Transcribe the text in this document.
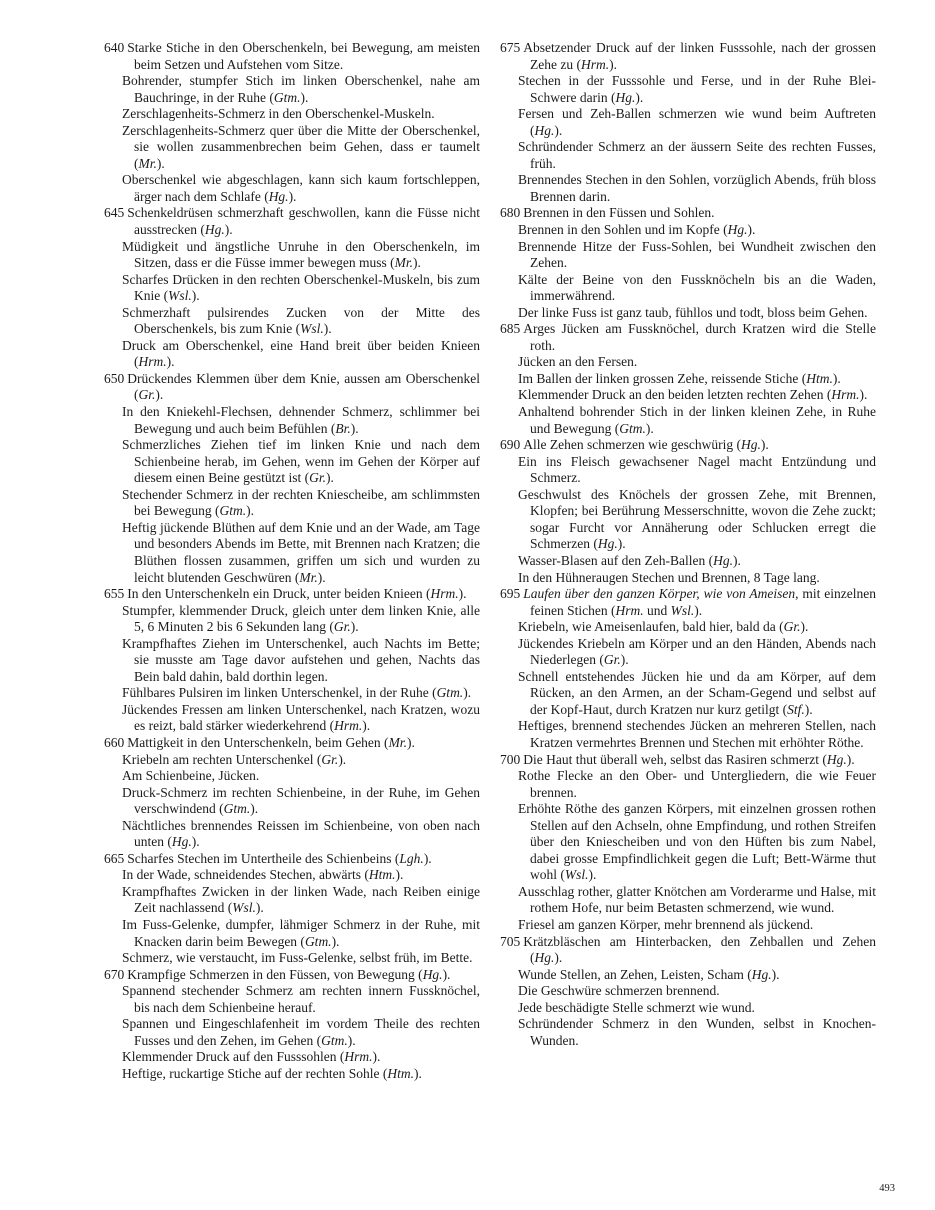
640 Starke Stiche in den Oberschenkeln, bei Bewegung, am meisten beim Setzen und Aufstehen vom Sitze.

Bohrender, stumpfer Stich im linken Oberschenkel, nahe am Bauchringe, in der Ruhe (Gtm.).

Zerschlagenheits-Schmerz in den Oberschenkel-Muskeln.

Zerschlagenheits-Schmerz quer über die Mitte der Oberschenkel, sie wollen zusammenbrechen beim Gehen, dass er taumelt (Mr.).

Oberschenkel wie abgeschlagen, kann sich kaum fortschleppen, ärger nach dem Schlafe (Hg.).

645 Schenkeldrüsen schmerzhaft geschwollen, kann die Füsse nicht ausstrecken (Hg.).

Müdigkeit und ängstliche Unruhe in den Oberschenkeln, im Sitzen, dass er die Füsse immer bewegen muss (Mr.).

Scharfes Drücken in den rechten Oberschenkel-Muskeln, bis zum Knie (Wsl.).

Schmerzhaft pulsirendes Zucken von der Mitte des Oberschenkels, bis zum Knie (Wsl.).

Druck am Oberschenkel, eine Hand breit über beiden Knieen (Hrm.).

650 Drückendes Klemmen über dem Knie, aussen am Oberschenkel (Gr.).

In den Kniekehl-Flechsen, dehnender Schmerz, schlimmer bei Bewegung und auch beim Befühlen (Br.).

Schmerzliches Ziehen tief im linken Knie und nach dem Schienbeine herab, im Gehen, wenn im Gehen der Körper auf diesem einen Beine gestützt ist (Gr.).

Stechender Schmerz in der rechten Kniescheibe, am schlimmsten bei Bewegung (Gtm.).

Heftig jückende Blüthen auf dem Knie und an der Wade, am Tage und besonders Abends im Bette, mit Brennen nach Kratzen; die Blüthen flossen zusammen, griffen um sich und wurden zu leicht blutenden Geschwüren (Mr.).

655 In den Unterschenkeln ein Druck, unter beiden Knieen (Hrm.).

Stumpfer, klemmender Druck, gleich unter dem linken Knie, alle 5, 6 Minuten 2 bis 6 Sekunden lang (Gr.).

Krampfhaftes Ziehen im Unterschenkel, auch Nachts im Bette; sie musste am Tage davor aufstehen und gehen, Nachts das Bein bald dahin, bald dorthin legen.

Fühlbares Pulsiren im linken Unterschenkel, in der Ruhe (Gtm.).

Jückendes Fressen am linken Unterschenkel, nach Kratzen, wozu es reizt, bald stärker wiederkehrend (Hrm.).

660 Mattigkeit in den Unterschenkeln, beim Gehen (Mr.).

Kriebeln am rechten Unterschenkel (Gr.).

Am Schienbeine, Jücken.

Druck-Schmerz im rechten Schienbeine, in der Ruhe, im Gehen verschwindend (Gtm.).

Nächtliches brennendes Reissen im Schienbeine, von oben nach unten (Hg.).

665 Scharfes Stechen im Untertheile des Schienbeins (Lgh.).

In der Wade, schneidendes Stechen, abwärts (Htm.).

Krampfhaftes Zwicken in der linken Wade, nach Reiben einige Zeit nachlassend (Wsl.).

Im Fuss-Gelenke, dumpfer, lähmiger Schmerz in der Ruhe, mit Knacken darin beim Bewegen (Gtm.).

Schmerz, wie verstaucht, im Fuss-Gelenke, selbst früh, im Bette.

670 Krampfige Schmerzen in den Füssen, von Bewegung (Hg.).

Spannend stechender Schmerz am rechten innern Fussknöchel, bis nach dem Schienbeine herauf.

Spannen und Eingeschlafenheit im vordem Theile des rechten Fusses und den Zehen, im Gehen (Gtm.).

Klemmender Druck auf den Fusssohlen (Hrm.).

Heftige, ruckartige Stiche auf der rechten Sohle (Htm.).

675 Absetzender Druck auf der linken Fusssohle, nach der grossen Zehe zu (Hrm.).

Stechen in der Fusssohle und Ferse, und in der Ruhe Blei-Schwere darin (Hg.).

Fersen und Zeh-Ballen schmerzen wie wund beim Auftreten (Hg.).

Schründender Schmerz an der äussern Seite des rechten Fusses, früh.

Brennendes Stechen in den Sohlen, vorzüglich Abends, früh bloss Brennen darin.

680 Brennen in den Füssen und Sohlen.

Brennen in den Sohlen und im Kopfe (Hg.).

Brennende Hitze der Fuss-Sohlen, bei Wundheit zwischen den Zehen.

Kälte der Beine von den Fussknöcheln bis an die Waden, immerwährend.

Der linke Fuss ist ganz taub, fühllos und todt, bloss beim Gehen.

685 Arges Jücken am Fussknöchel, durch Kratzen wird die Stelle roth.

Jücken an den Fersen.

Im Ballen der linken grossen Zehe, reissende Stiche (Htm.).

Klemmender Druck an den beiden letzten rechten Zehen (Hrm.).

Anhaltend bohrender Stich in der linken kleinen Zehe, in Ruhe und Bewegung (Gtm.).

690 Alle Zehen schmerzen wie geschwürig (Hg.).

Ein ins Fleisch gewachsener Nagel macht Entzündung und Schmerz.

Geschwulst des Knöchels der grossen Zehe, mit Brennen, Klopfen; bei Berührung Messerschnitte, wovon die Zehe zuckt; sogar Furcht vor Annäherung oder Schlucken erregt die Schmerzen (Hg.).

Wasser-Blasen auf den Zeh-Ballen (Hg.).

In den Hühneraugen Stechen und Brennen, 8 Tage lang.

695 Laufen über den ganzen Körper, wie von Ameisen, mit einzelnen feinen Stichen (Hrm. und Wsl.).

Kriebeln, wie Ameisenlaufen, bald hier, bald da (Gr.).

Jückendes Kriebeln am Körper und an den Händen, Abends nach Niederlegen (Gr.).

Schnell entstehendes Jücken hie und da am Körper, auf dem Rücken, an den Armen, an der Scham-Gegend und selbst auf der Kopf-Haut, durch Kratzen nur kurz getilgt (Stf.).

Heftiges, brennend stechendes Jücken an mehreren Stellen, nach Kratzen vermehrtes Brennen und Stechen mit erhöhter Röthe.

700 Die Haut thut überall weh, selbst das Rasiren schmerzt (Hg.).

Rothe Flecke an den Ober- und Untergliedern, die wie Feuer brennen.

Erhöhte Röthe des ganzen Körpers, mit einzelnen grossen rothen Stellen auf den Achseln, ohne Empfindung, und rothen Streifen über den Kniescheiben und von den Hüften bis zum Nabel, dabei grosse Empfindlichkeit gegen die Luft; Bett-Wärme thut wohl (Wsl.).

Ausschlag rother, glatter Knötchen am Vorderarme und Halse, mit rothem Hofe, nur beim Betasten schmerzend, wie wund.

Friesel am ganzen Körper, mehr brennend als jückend.

705 Krätzbläschen am Hinterbacken, den Zehballen und Zehen (Hg.).

Wunde Stellen, an Zehen, Leisten, Scham (Hg.).

Die Geschwüre schmerzen brennend.

Jede beschädigte Stelle schmerzt wie wund.

Schründender Schmerz in den Wunden, selbst in Knochen-Wunden.

493
